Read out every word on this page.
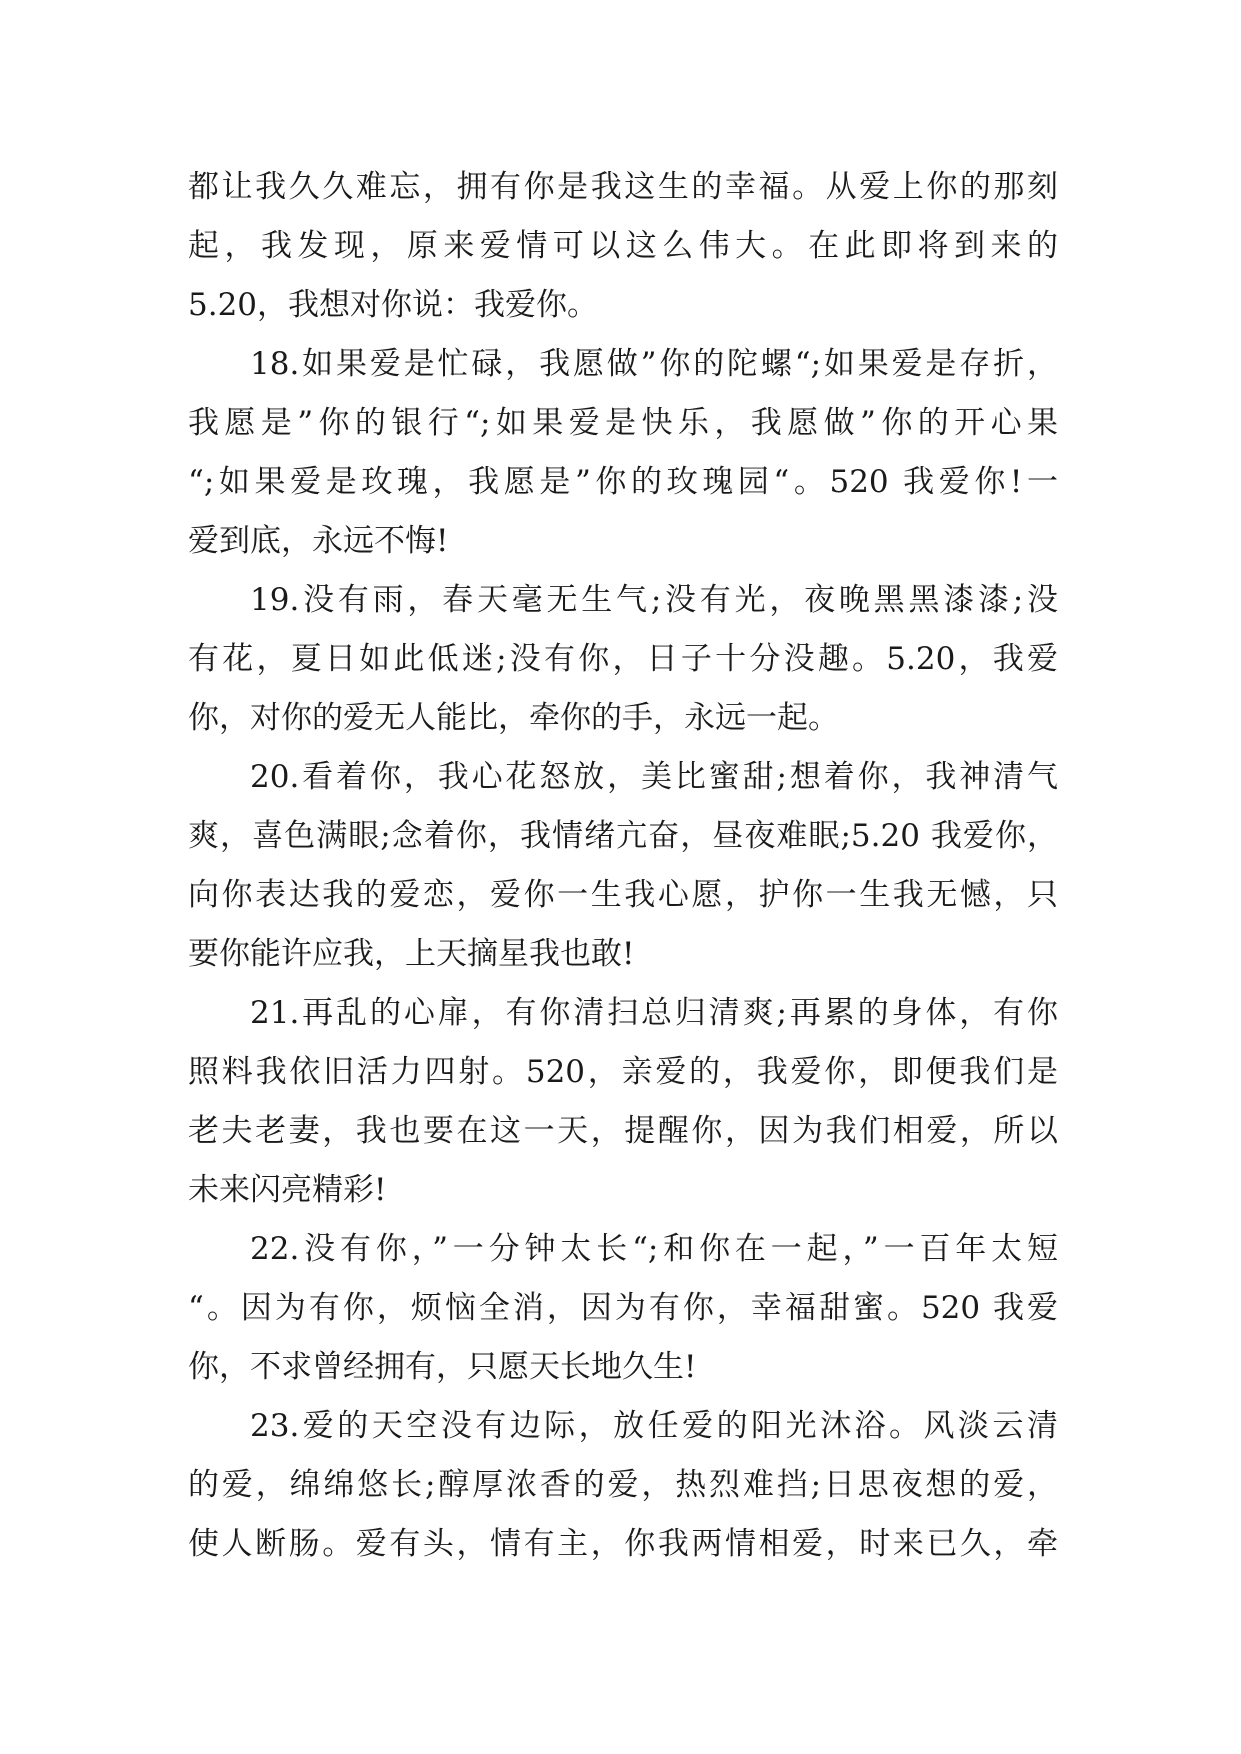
都让我久久难忘，拥有你是我这生的幸福。从爱上你的那刻
起，我发现，原来爱情可以这么伟大。在此即将到来的
5.20，我想对你说：我爱你。
18.如果爱是忙碌，我愿做”你的陀螺“;如果爱是存折，
我愿是”你的银行“;如果爱是快乐，我愿做”你的开心果
“;如果爱是玫瑰，我愿是”你的玫瑰园“。520 我爱你!一
爱到底，永远不悔!
19.没有雨，春天毫无生气;没有光，夜晚黑黑漆漆;没
有花，夏日如此低迷;没有你，日子十分没趣。5.20，我爱
你，对你的爱无人能比，牵你的手，永远一起。
20.看着你，我心花怒放，美比蜜甜;想着你，我神清气
爽，喜色满眼;念着你，我情绪亢奋，昼夜难眠;5.20 我爱你，
向你表达我的爱恋，爱你一生我心愿，护你一生我无憾，只
要你能许应我，上天摘星我也敢!
21.再乱的心扉，有你清扫总归清爽;再累的身体，有你
照料我依旧活力四射。520，亲爱的，我爱你，即便我们是
老夫老妻，我也要在这一天，提醒你，因为我们相爱，所以
未来闪亮精彩!
22.没有你，”一分钟太长“;和你在一起，”一百年太短
“。因为有你，烦恼全消，因为有你，幸福甜蜜。520 我爱
你，不求曾经拥有，只愿天长地久生!
23.爱的天空没有边际，放任爱的阳光沐浴。风淡云清
的爱，绵绵悠长;醇厚浓香的爱，热烈难挡;日思夜想的爱，
使人断肠。爱有头，情有主，你我两情相爱，时来已久，牵
